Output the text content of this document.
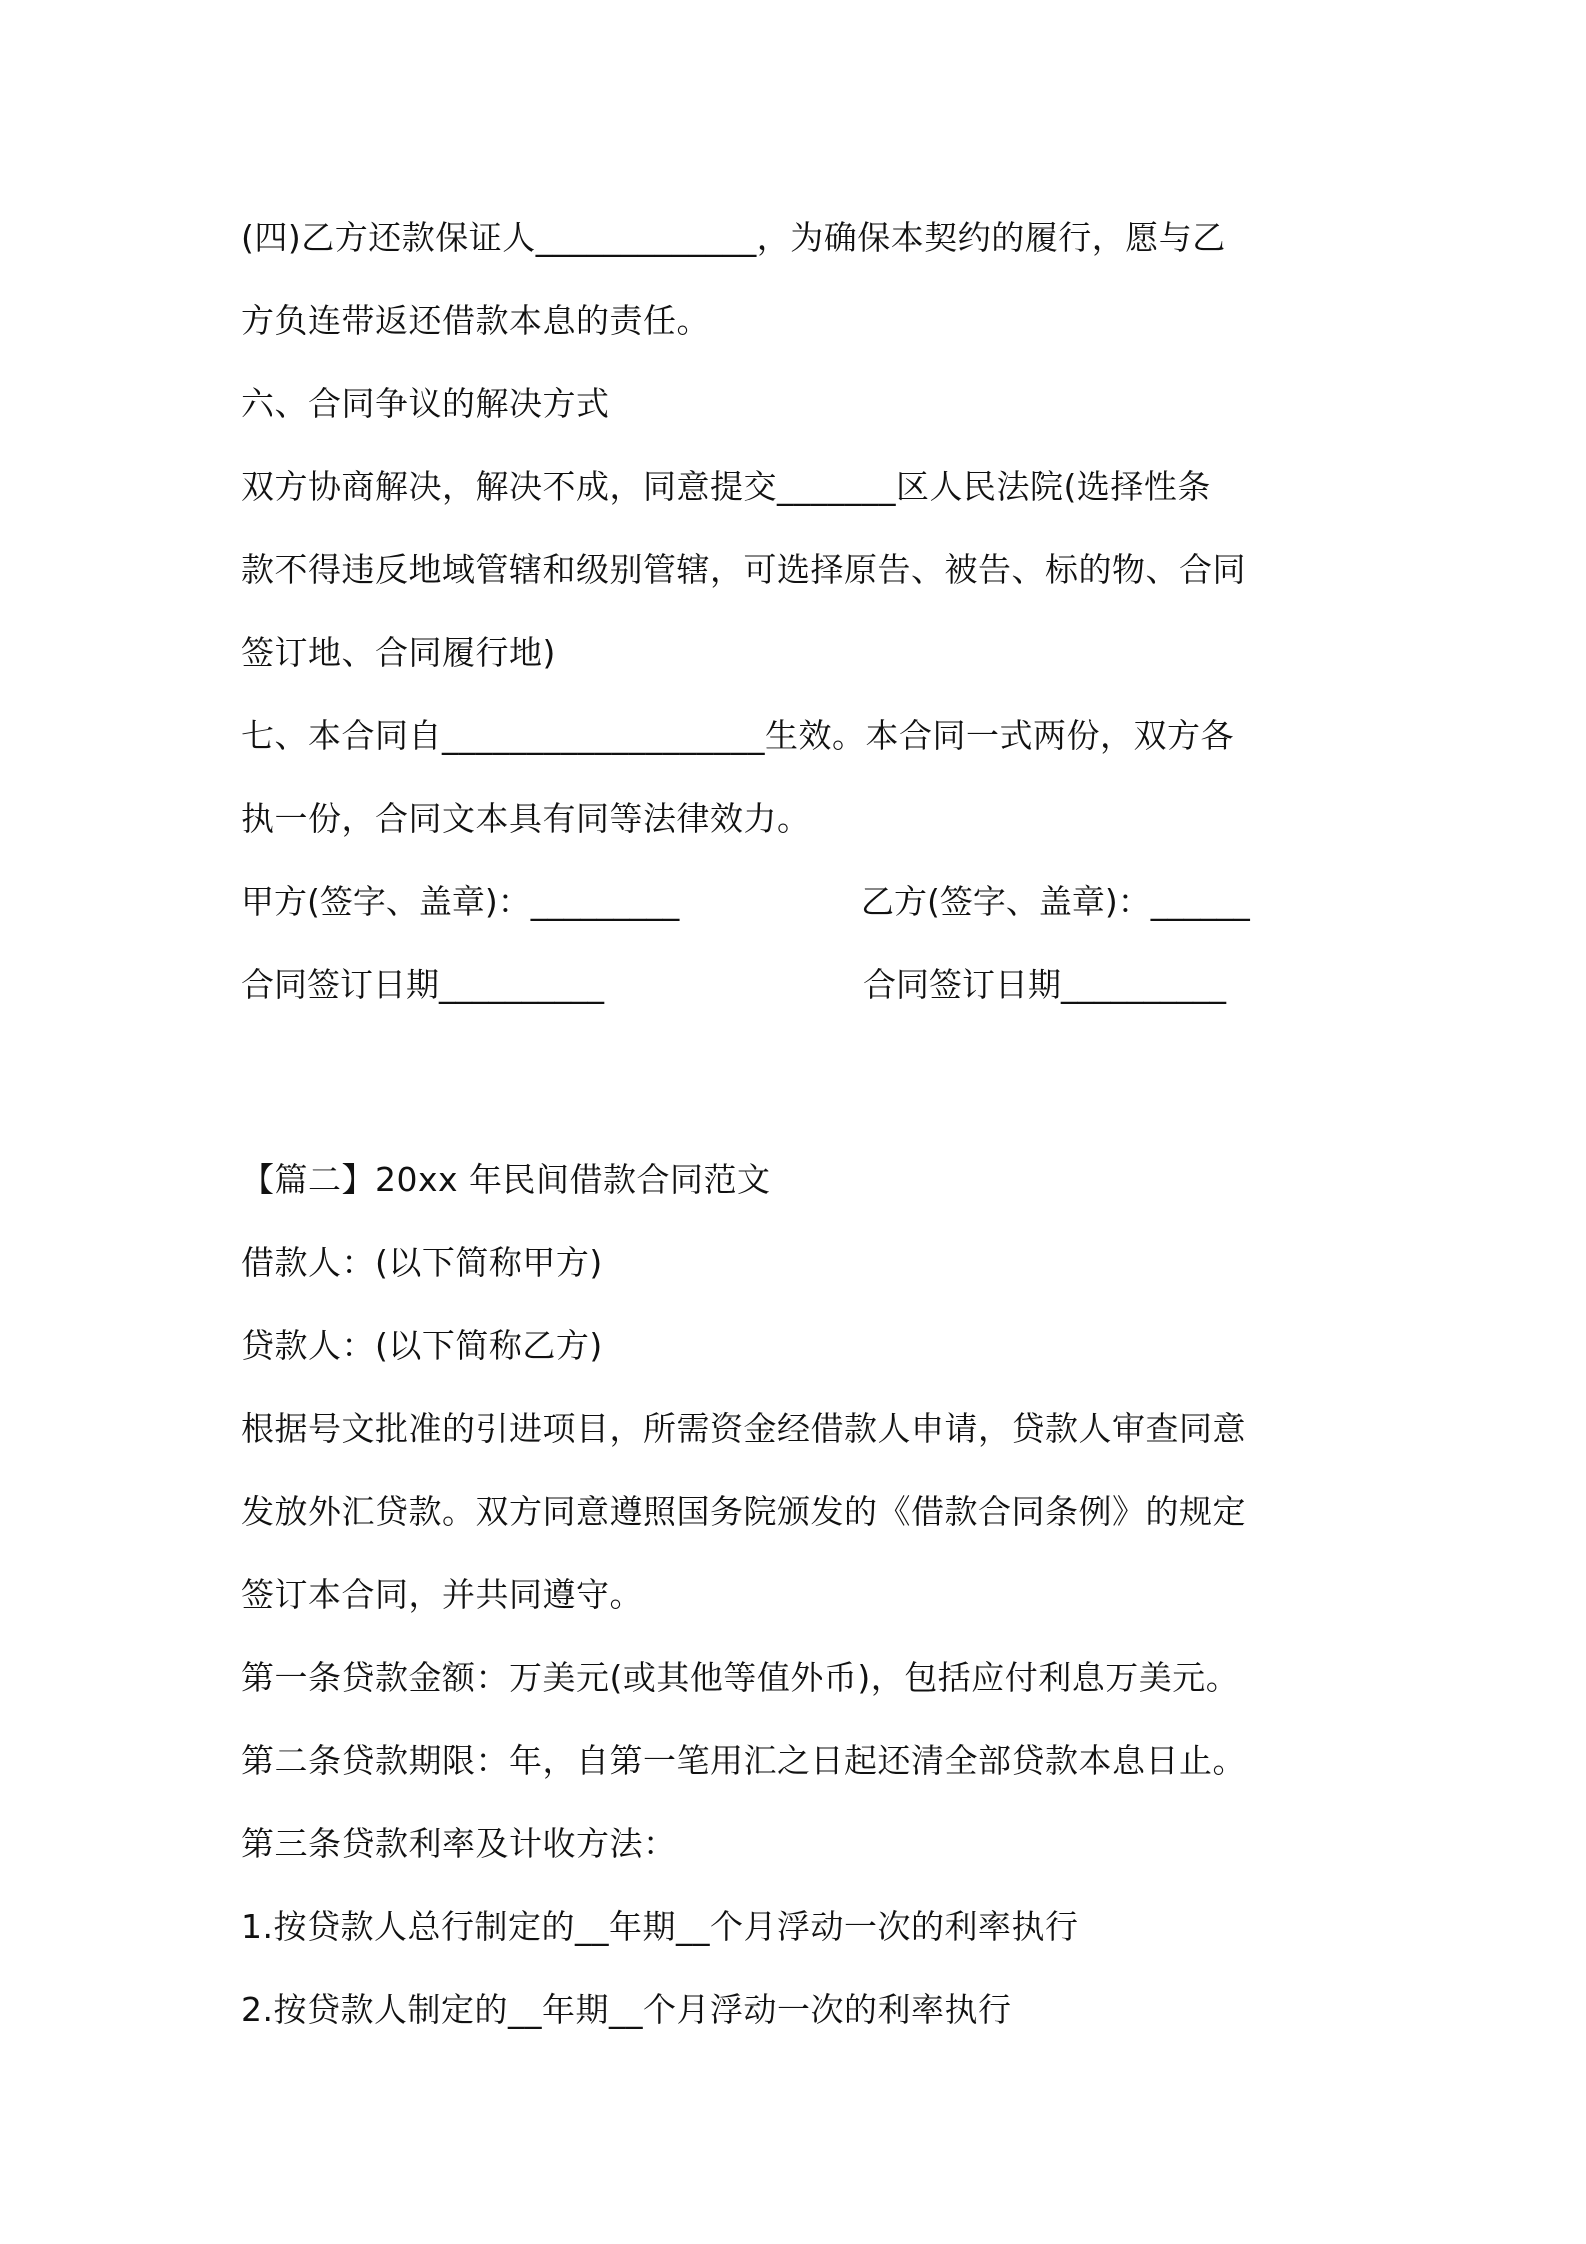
(四)乙方还款保证人_____________，为确保本契约的履行，愿与乙
方负连带返还借款本息的责任。
六、合同争议的解决方式
双方协商解决，解决不成，同意提交_______区人民法院(选择性条
款不得违反地域管辖和级别管辖，可选择原告、被告、标的物、合同
签订地、合同履行地)
七、本合同自___________________生效。本合同一式两份，双方各
执一份，合同文本具有同等法律效力。
甲方(签字、盖章)：_________	乙方(签字、盖章)：______
合同签订日期__________	合同签订日期__________
【篇二】20xx 年民间借款合同范文
借款人：(以下简称甲方)
贷款人：(以下简称乙方)
根据号文批准的引进项目，所需资金经借款人申请，贷款人审查同意
发放外汇贷款。双方同意遵照国务院颁发的《借款合同条例》的规定
签订本合同，并共同遵守。
第一条贷款金额：万美元(或其他等值外币)，包括应付利息万美元。
第二条贷款期限：年，自第一笔用汇之日起还清全部贷款本息日止。
第三条贷款利率及计收方法：
1.按贷款人总行制定的__年期__个月浮动一次的利率执行
2.按贷款人制定的__年期__个月浮动一次的利率执行
